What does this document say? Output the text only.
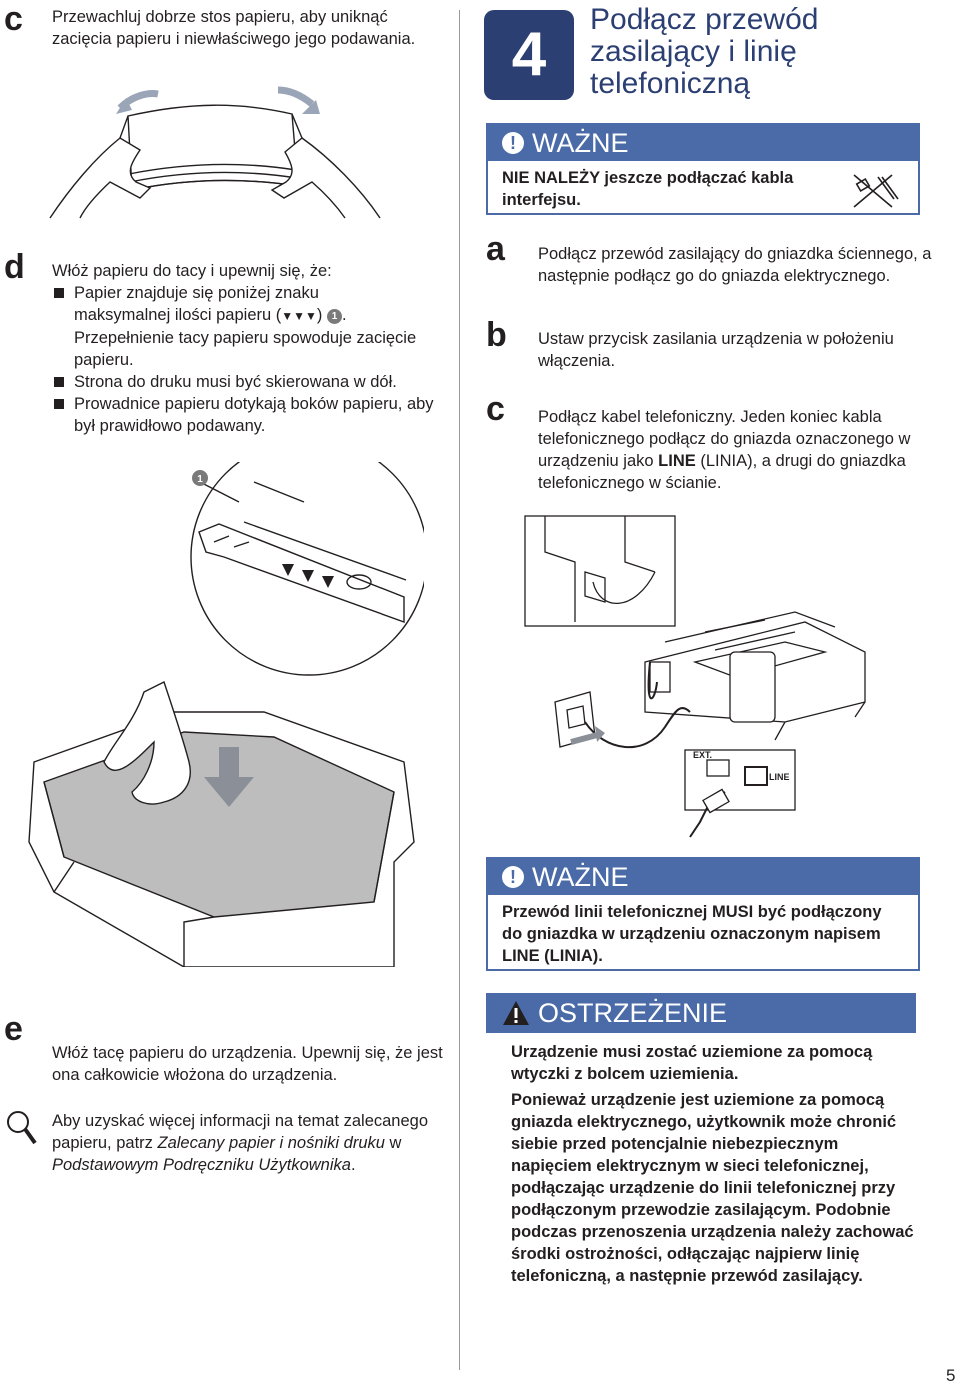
c Przewachluj dobrze stos papieru, aby uniknąć zacięcia papieru i niewłaściwego jego podawania.
d Włóż papieru do tacy i upewnij się, że:
Papier znajduje się poniżej znaku
maksymalnej ilości papieru (▼▼▼) 1 .
Przepełnienie tacy papieru spowoduje zacięcie papieru.
Strona do druku musi być skierowana w dół.
Prowadnice papieru dotykają boków papieru, aby był prawidłowo podawany.
1
e
Włóż tacę papieru do urządzenia. Upewnij się, że jest ona całkowicie włożona do urządzenia.
Aby uzyskać więcej informacji na temat zalecanego papieru, patrz Zalecany papier i nośniki druku w Podstawowym Podręczniku Użytkownika.
4
Podłącz przewód zasilający i linię telefoniczną
! WAŻNE
NIE NALEŻY jeszcze podłączać kabla interfejsu.
a Podłącz przewód zasilający do gniazdka ściennego, a następnie podłącz go do gniazda elektrycznego.
b Ustaw przycisk zasilania urządzenia w położeniu włączenia.
c Podłącz kabel telefoniczny. Jeden koniec kabla telefonicznego podłącz do gniazda oznaczonego w urządzeniu jako LINE (LINIA), a drugi do gniazdka telefonicznego w ścianie.
EXT.
LINE
! WAŻNE
Przewód linii telefonicznej MUSI być podłączony do gniazdka w urządzeniu oznaczonym napisem LINE (LINIA).
OSTRZEŻENIE
Urządzenie musi zostać uziemione za pomocą wtyczki z bolcem uziemienia.
Ponieważ urządzenie jest uziemione za pomocą gniazda elektrycznego, użytkownik może chronić siebie przed potencjalnie niebezpiecznym napięciem elektrycznym w sieci telefonicznej, podłączając urządzenie do linii telefonicznej przy podłączonym przewodzie zasilającym. Podobnie podczas przenoszenia urządzenia należy zachować środki ostrożności, odłączając najpierw linię telefoniczną, a następnie przewód zasilający.
5
